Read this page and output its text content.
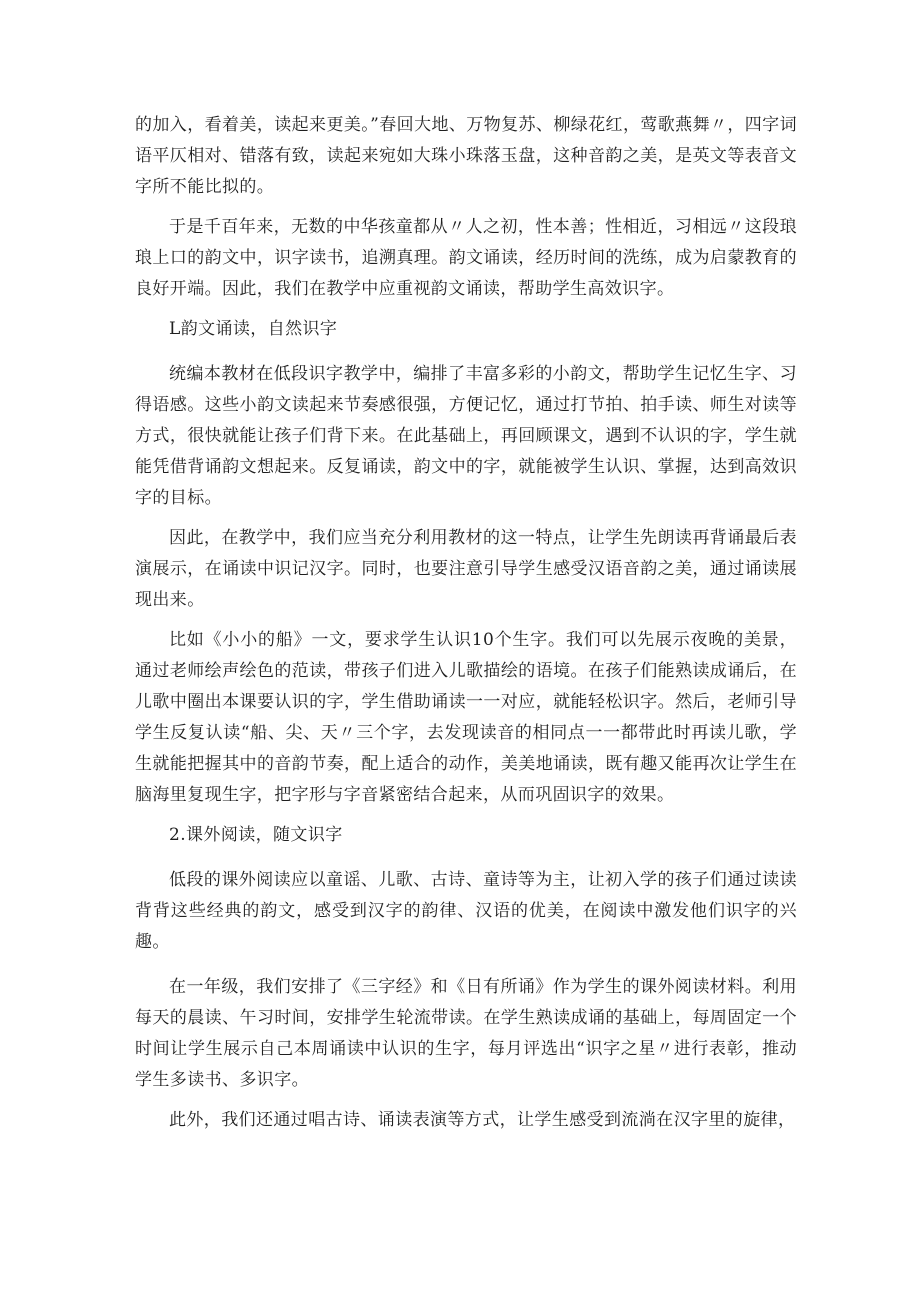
的加入，看着美，读起来更美。”春回大地、万物复苏、柳绿花红，莺歌燕舞〃，四字词语平仄相对、错落有致，读起来宛如大珠小珠落玉盘，这种音韵之美，是英文等表音文字所不能比拟的。

于是千百年来，无数的中华孩童都从〃人之初，性本善；性相近，习相远〃这段琅琅上口的韵文中，识字读书，追溯真理。韵文诵读，经历时间的洗练，成为启蒙教育的良好开端。因此，我们在教学中应重视韵文诵读，帮助学生高效识字。

L韵文诵读，自然识字

统编本教材在低段识字教学中，编排了丰富多彩的小韵文，帮助学生记忆生字、习得语感。这些小韵文读起来节奏感很强，方便记忆，通过打节拍、拍手读、师生对读等方式，很快就能让孩子们背下来。在此基础上，再回顾课文，遇到不认识的字，学生就能凭借背诵韵文想起来。反复诵读，韵文中的字，就能被学生认识、掌握，达到高效识字的目标。

因此，在教学中，我们应当充分利用教材的这一特点，让学生先朗读再背诵最后表演展示，在诵读中识记汉字。同时，也要注意引导学生感受汉语音韵之美，通过诵读展现出来。

比如《小小的船》一文，要求学生认识10个生字。我们可以先展示夜晚的美景，通过老师绘声绘色的范读，带孩子们进入儿歌描绘的语境。在孩子们能熟读成诵后，在儿歌中圈出本课要认识的字，学生借助诵读一一对应，就能轻松识字。然后，老师引导学生反复认读“船、尖、天〃三个字，去发现读音的相同点一一都带此时再读儿歌，学生就能把握其中的音韵节奏，配上适合的动作，美美地诵读，既有趣又能再次让学生在脑海里复现生字，把字形与字音紧密结合起来，从而巩固识字的效果。

2.课外阅读，随文识字

低段的课外阅读应以童谣、儿歌、古诗、童诗等为主，让初入学的孩子们通过读读背背这些经典的韵文，感受到汉字的韵律、汉语的优美，在阅读中激发他们识字的兴趣。

在一年级，我们安排了《三字经》和《日有所诵》作为学生的课外阅读材料。利用每天的晨读、午习时间，安排学生轮流带读。在学生熟读成诵的基础上，每周固定一个时间让学生展示自己本周诵读中认识的生字，每月评选出“识字之星〃进行表彰，推动学生多读书、多识字。

此外，我们还通过唱古诗、诵读表演等方式，让学生感受到流淌在汉字里的旋律，
